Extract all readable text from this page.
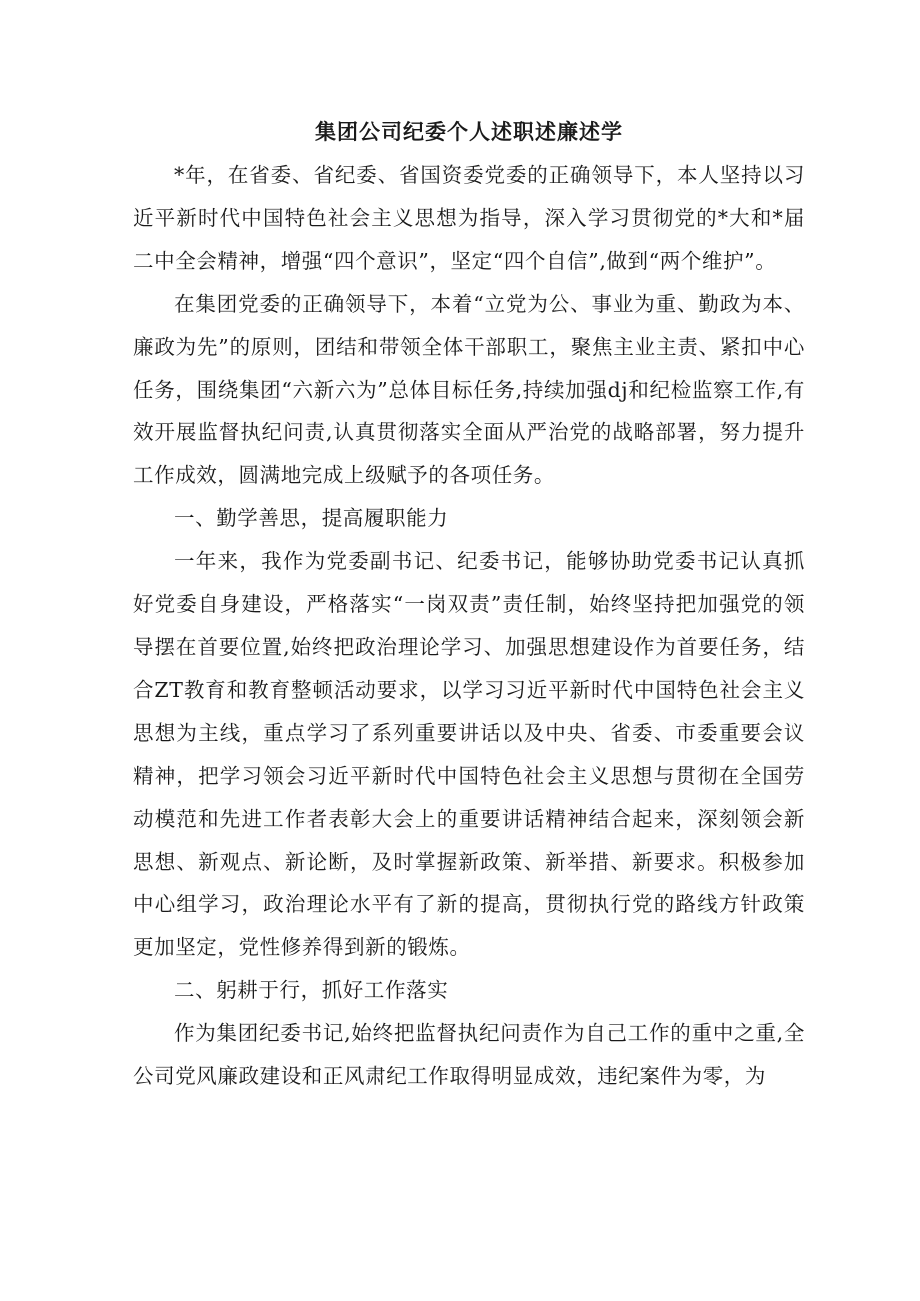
集团公司纪委个人述职述廉述学

*年，在省委、省纪委、省国资委党委的正确领导下，本人坚持以习近平新时代中国特色社会主义思想为指导，深入学习贯彻党的*大和*届二中全会精神，增强“四个意识”，坚定“四个自信”,做到“两个维护”。

在集团党委的正确领导下，本着“立党为公、事业为重、勤政为本、廉政为先”的原则，团结和带领全体干部职工，聚焦主业主责、紧扣中心任务，围绕集团“六新六为”总体目标任务,持续加强dj和纪检监察工作,有效开展监督执纪问责,认真贯彻落实全面从严治党的战略部署，努力提升工作成效，圆满地完成上级赋予的各项任务。

一、勤学善思，提高履职能力

一年来，我作为党委副书记、纪委书记，能够协助党委书记认真抓好党委自身建设，严格落实“一岗双责”责任制，始终坚持把加强党的领导摆在首要位置,始终把政治理论学习、加强思想建设作为首要任务，结合ZT教育和教育整顿活动要求，以学习习近平新时代中国特色社会主义思想为主线，重点学习了系列重要讲话以及中央、省委、市委重要会议精神，把学习领会习近平新时代中国特色社会主义思想与贯彻在全国劳动模范和先进工作者表彰大会上的重要讲话精神结合起来，深刻领会新思想、新观点、新论断，及时掌握新政策、新举措、新要求。积极参加中心组学习，政治理论水平有了新的提高，贯彻执行党的路线方针政策更加坚定，党性修养得到新的锻炼。

二、躬耕于行，抓好工作落实

作为集团纪委书记,始终把监督执纪问责作为自己工作的重中之重,全公司党风廉政建设和正风肃纪工作取得明显成效，违纪案件为零，为
